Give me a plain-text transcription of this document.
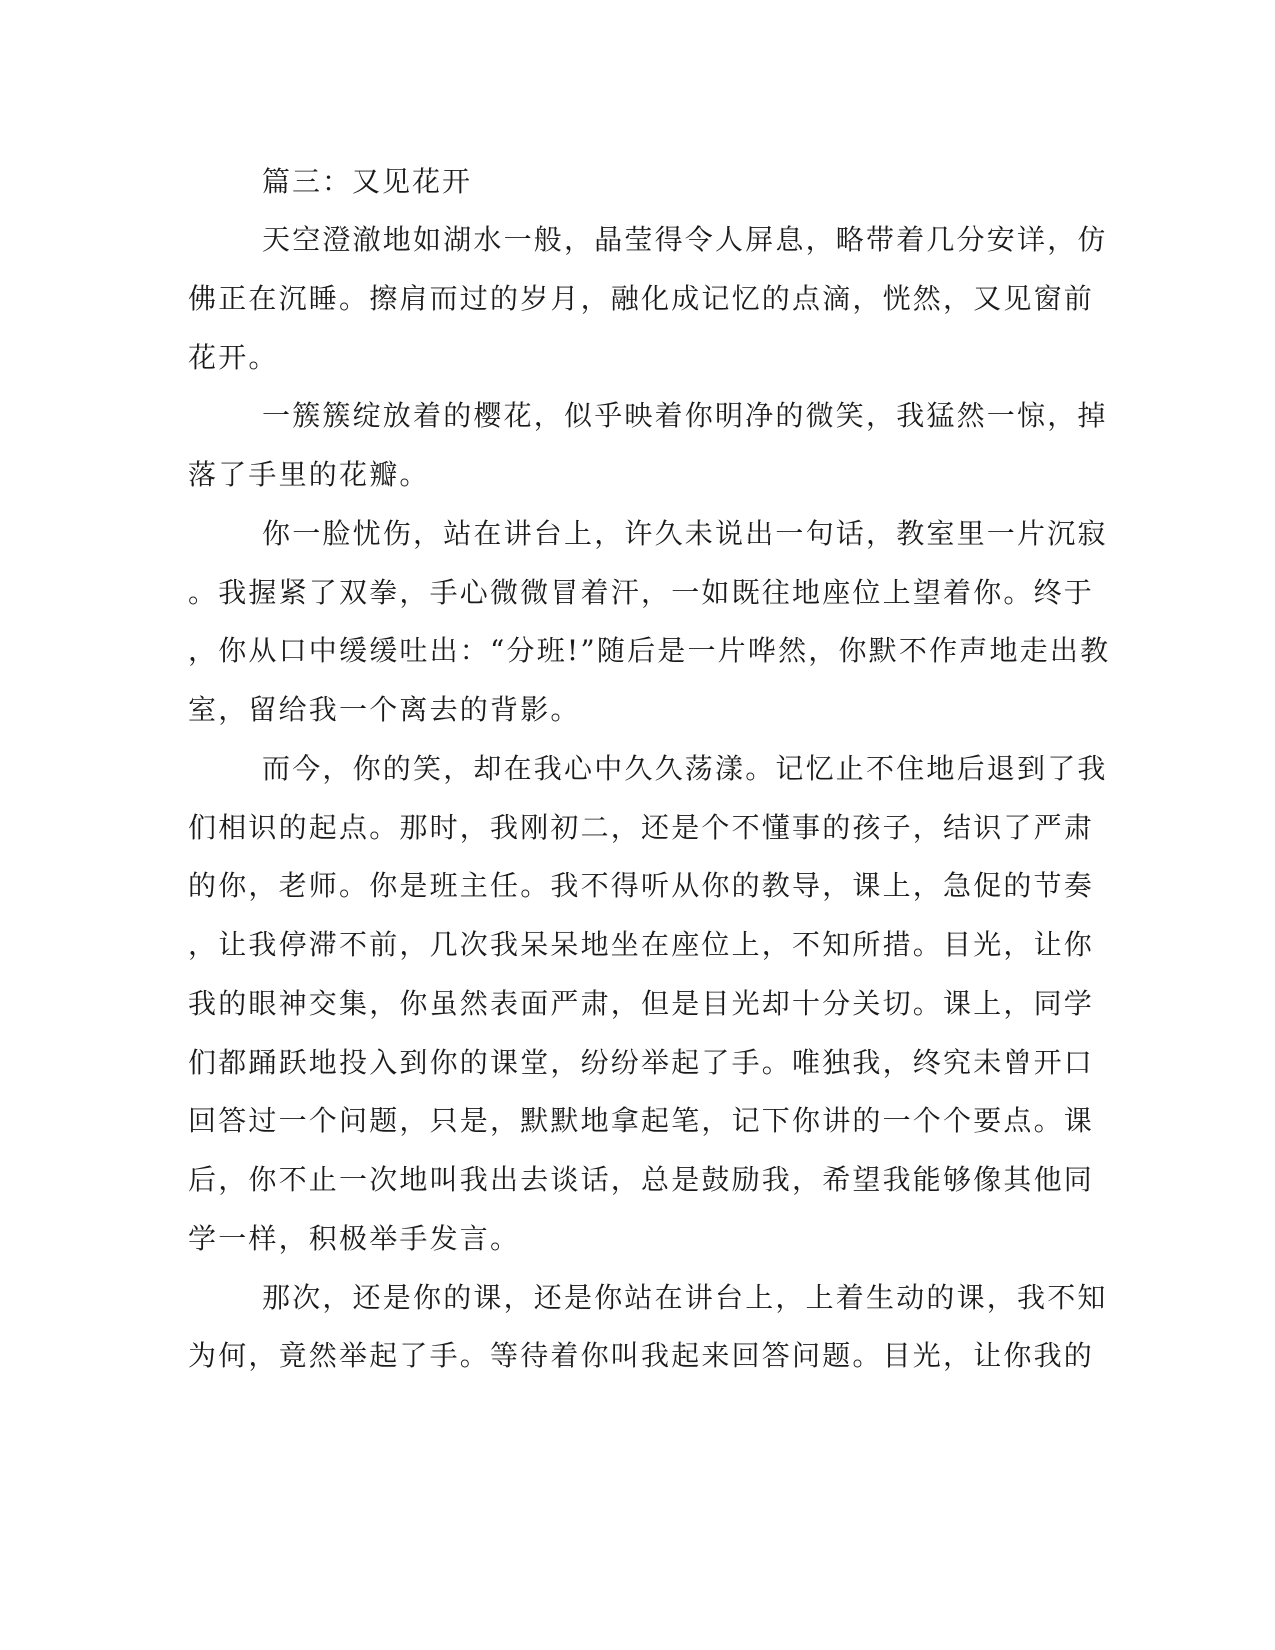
篇三：又见花开

天空澄澈地如湖水一般，晶莹得令人屏息，略带着几分安详，仿

佛正在沉睡。擦肩而过的岁月，融化成记忆的点滴，恍然，又见窗前

花开。

一簇簇绽放着的樱花，似乎映着你明净的微笑，我猛然一惊，掉

落了手里的花瓣。

你一脸忧伤，站在讲台上，许久未说出一句话，教室里一片沉寂

。我握紧了双拳，手心微微冒着汗，一如既往地座位上望着你。终于

，你从口中缓缓吐出：“分班!”随后是一片哗然，你默不作声地走出教

室，留给我一个离去的背影。

而今，你的笑，却在我心中久久荡漾。记忆止不住地后退到了我

们相识的起点。那时，我刚初二，还是个不懂事的孩子，结识了严肃

的你，老师。你是班主任。我不得听从你的教导，课上，急促的节奏

，让我停滞不前，几次我呆呆地坐在座位上，不知所措。目光，让你

我的眼神交集，你虽然表面严肃，但是目光却十分关切。课上，同学

们都踊跃地投入到你的课堂，纷纷举起了手。唯独我，终究未曾开口

回答过一个问题，只是，默默地拿起笔，记下你讲的一个个要点。课

后，你不止一次地叫我出去谈话，总是鼓励我，希望我能够像其他同

学一样，积极举手发言。

那次，还是你的课，还是你站在讲台上，上着生动的课，我不知

为何，竟然举起了手。等待着你叫我起来回答问题。目光，让你我的
